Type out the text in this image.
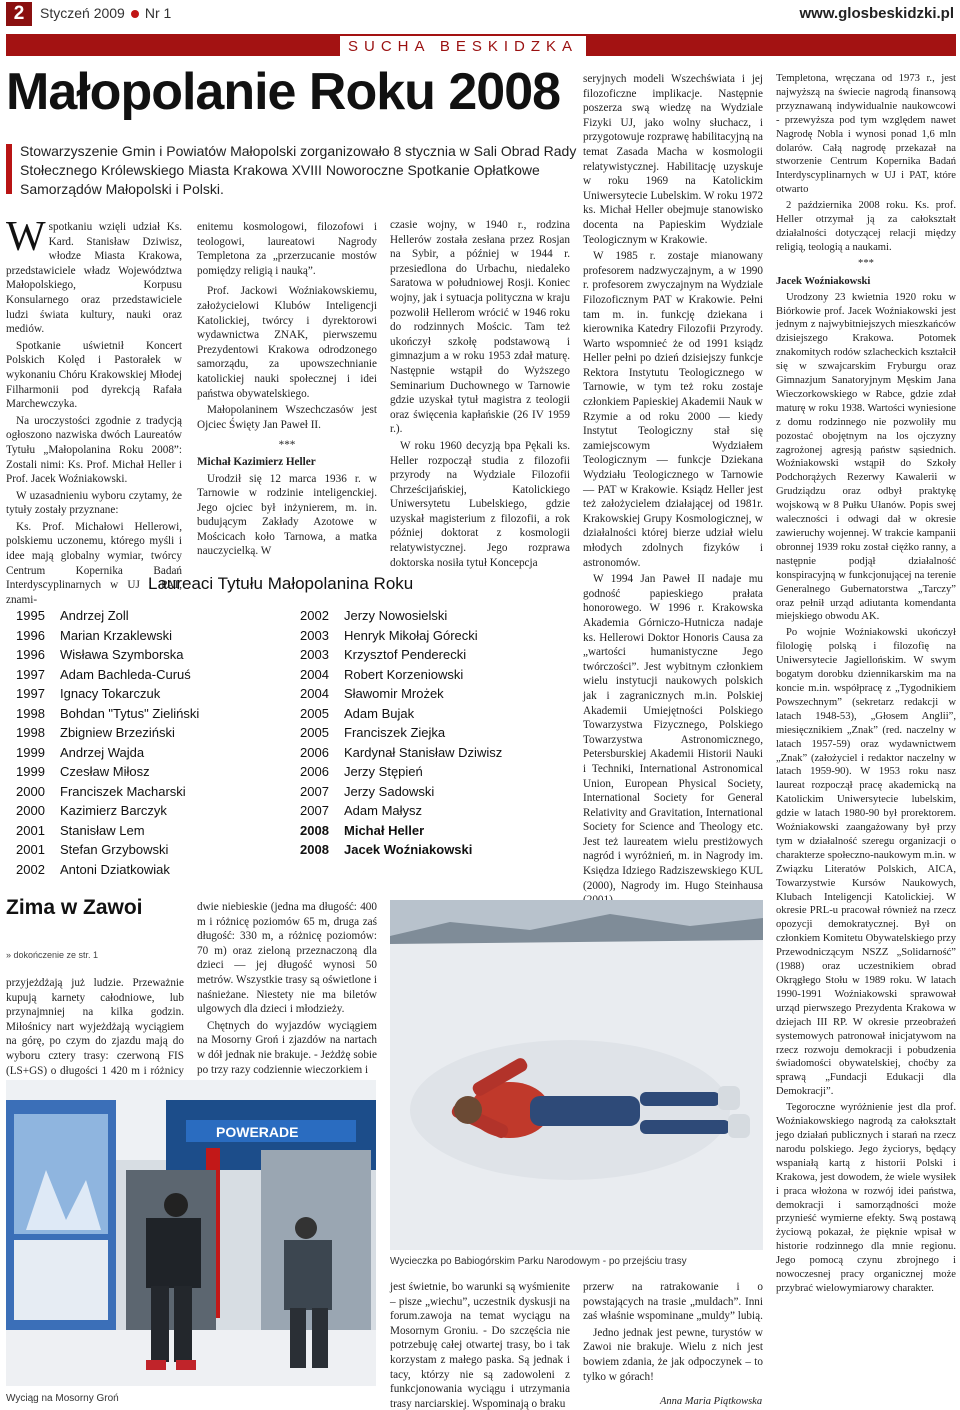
2	Styczeń 2009 Nr 1	www.glosbeskidzki.pl
SUCHA BESKIDZKA
Małopolanie Roku 2008
Stowarzyszenie Gmin i Powiatów Małopolski zorganizowało 8 stycznia w Sali Obrad Rady Stołecznego Królewskiego Miasta Krakowa XVIII Noworoczne Spotkanie Opłatkowe Samorządów Małopolski i Polski.

Wspotkaniu wzięli udział Ks. Kard. Stanisław Dziwisz, włodze Miasta Krakowa, przedstawiciele władz Województwa Małopolskiego, Korpusu Konsularnego oraz przedstawiciele ludzi świata kultury, nauki oraz mediów.

Spotkanie uświetnił Koncert Polskich Kolęd i Pastorałek w wykonaniu Chóru Krakowskiej Młodej Filharmonii pod dyrekcją Rafała Marchewczyka.

Na uroczystości zgodnie z tradycją ogłoszono nazwiska dwóch Laureatów Tytułu „Małopolanina Roku 2008”: Zostali nimi: Ks. Prof. Michał Heller i Prof. Jacek Woźniakowski.

W uzasadnieniu wyboru czytamy, że tytuły zostały przyznane:

Ks. Prof. Michałowi Hellerowi, polskiemu uczonemu, którego myśli i idee mają globalny wymiar, twórcy Centrum Kopernika Badań Interdyscyplinarnych w UJ i PAT, znami-

enitemu kosmologowi, filozofowi i teologowi, laureatowi Nagrody Templetona za „przerzucanie mostów pomiędzy religią i nauką”.

Prof. Jackowi Woźniakowskiemu, założycielowi Klubów Inteligencji Katolickiej, twórcy i dyrektorowi wydawnictwa ZNAK, pierwszemu Prezydentowi Krakowa odrodzonego samorządu, za upowszechnianie katolickiej nauki społecznej i idei państwa obywatelskiego.

Małopolaninem Wszechczasów jest Ojciec Święty Jan Paweł II.

***

Michał Kazimierz Heller

Urodził się 12 marca 1936 r. w Tarnowie w rodzinie inteligenckiej. Jego ojciec był inżynierem, m. in. budującym Zakłady Azotowe w Mościcach koło Tarnowa, a matka nauczycielką. W

czasie wojny, w 1940 r., rodzina Hellerów została zesłana przez Rosjan na Sybir, a później w 1944 r. przesiedlona do Urbachu, niedaleko Saratowa w południowej Rosji. Koniec wojny, jak i sytuacja polityczna w kraju pozwolił Hellerom wrócić w 1946 roku do rodzinnych Mościc. Tam też ukończył szkołę podstawową i gimnazjum a w roku 1953 zdał maturę. Następnie wstąpił do Wyższego Seminarium Duchownego w Tarnowie gdzie uzyskał tytuł magistra z teologii oraz święcenia kapłańskie (26 IV 1959 r.).

W roku 1960 decyzją bpa Pękali ks. Heller rozpoczął studia z filozofii przyrody na Wydziale Filozofii Chrześcijańskiej, Katolickiego Uniwersytetu Lubelskiego, gdzie uzyskał magisterium z filozofii, a rok później doktorat z kosmologii relatywistycznej. Jego rozprawa doktorska nosiła tytuł Koncepcja

seryjnych modeli Wszechświata i jej filozoficzne implikacje. Następnie poszerza swą wiedzę na Wydziale Fizyki UJ, jako wolny słuchacz, i przygotowuje rozprawę habilitacyjną na temat Zasada Macha w kosmologii relatywistycznej. Habilitację uzyskuje w roku 1969 na Katolickim Uniwersytecie Lubelskim. W roku 1972 ks. Michał Heller obejmuje stanowisko docenta na Papieskim Wydziale Teologicznym w Krakowie.

W 1985 r. zostaje mianowany profesorem nadzwyczajnym, a w 1990 r. profesorem zwyczajnym na Wydziale Filozoficznym PAT w Krakowie. Pełni tam m. in. funkcję dziekana i kierownika Katedry Filozofii Przyrody. Warto wspomnieć że od 1991 ksiądz Heller pełni po dzień dzisiejszy funkcje Rektora Instytutu Teologicznego w Tarnowie, w tym też roku zostaje członkiem Papieskiej Akademii Nauk w Rzymie a od roku 2000 — kiedy Instytut Teologiczny stał się zamiejscowym Wydziałem Teologicznym — funkcje Dziekana Wydziału Teologicznego w Tarnowie — PAT w Krakowie. Ksiądz Heller jest też założycielem działającej od 1981r. Krakowskiej Grupy Kosmologicznej, w działalności której bierze udział wielu młodych zdolnych fizyków i astronomów.

W 1994 Jan Paweł II nadaje mu godność papieskiego prałata honorowego. W 1996 r. Krakowska Akademia Górniczo-Hutnicza nadaje ks. Hellerowi Doktor Honoris Causa za „wartości humanistyczne Jego twórczości”. Jest wybitnym członkiem wielu instytucji naukowych polskich jak i zagranicznych m.in. Polskiej Akademii Umiejętności Polskiego Towarzystwa Fizycznego, Polskiego Towarzystwa Astronomicznego, Petersburskiej Akademii Historii Nauki i Techniki, International Astronomical Union, European Physical Society, International Society for General Relativity and Gravitation, International Society for Science and Theology etc. Jest też laureatem wielu prestiżowych nagród i wyróżnień, m. in Nagrody im. Księdza Idziego Radziszewskiego KUL (2000), Nagrody im. Hugo Steinhausa

Templetona, wręczana od 1973 r., jest najwyższą na świecie nagrodą finansową przyznawaną indywidualnie naukowcowi - przewyższa pod tym względem nawet Nagrodę Nobla i wynosi ponad 1,6 mln dolarów. Całą nagrodę przekazał na stworzenie Centrum Kopernika Badań Interdyscyplinarnych w UJ i PAT, które otwarto

2 października 2008 roku. Ks. prof. Heller otrzymał ją za całokształt działalności dotyczącej relacji między religią, teologią a naukami.

***

Jacek Woźniakowski

Urodzony 23 kwietnia 1920 roku w Biórkowie prof. Jacek Woźniakowski jest jednym z najwybitniejszych mieszkańców dzisiejszego Krakowa. Potomek znakomitych rodów szlacheckich kształcił się w szwajcarskim Fryburgu oraz Gimnazjum Sanatoryjnym Męskim Jana Wieczorkowskiego w Rabce, gdzie zdał maturę w roku 1938. Wartości wyniesione z domu rodzinnego nie pozwoliły mu pozostać obojętnym na los ojczyzny zagrożonej agresją państw sąsiednich. Woźniakowski wstąpił do Szkoły Podchorążych Rezerwy Kawalerii w Grudziądzu oraz odbył praktykę wojskową w 8 Pułku Ułanów. Popis swej waleczności i odwagi dał w okresie zawieruchy wojennej. W trakcie kampanii obronnej 1939 roku został ciężko ranny, a następnie podjął działalność konspiracyjną w funkcjonującej na terenie Generalnego Gubernatorstwa „Tarczy” oraz pełnił urząd adiutanta komendanta miejskiego obwodu AK.

Po wojnie Woźniakowski ukończył filologię polską i filozofię na Uniwersytecie Jagiellońskim. W swym bogatym dorobku dziennikarskim ma na koncie m.in. współpracę z „Tygodnikiem Powszechnym” (sekretarz redakcji w latach 1948-53), „Głosem Anglii”, miesięcznikiem „Znak” (red. naczelny w latach 1957-59) oraz wydawnictwem „Znak” (założyciel i redaktor naczelny w latach 1959-90). W 1953 roku nasz laureat rozpoczął pracę akademicką na Katolickim Uniwersytecie lubelskim, gdzie w latach 1980-90 był prorektorem. Woźniakowski zaangażowany był przy tym w działalność szeregu organizacji o charakterze społeczno-naukowym m.in. w Związku Literatów Polskich, AICA, Towarzystwie Kursów Naukowych, Klubach Inteligencji Katolickiej. W okresie PRL-u pracował również na rzecz opozycji demokratycznej. Był on członkiem Komitetu Obywatelskiego przy Przewodniczącym NSZZ „Solidarność” (1988) oraz uczestnikiem obrad Okrągłego Stołu w 1989 roku. W latach 1990-1991 Woźniakowski sprawował urząd pierwszego Prezydenta Krakowa w dziejach III RP. W okresie przeobrażeń systemowych patronował inicjatywom na rzecz rozwoju demokracji i pobudzenia świadomości obywatelskiej, choćby za sprawą „Fundacji Edukacji dla Demokracji”.

Tegoroczne wyróżnienie jest dla prof. Woźniakowskiego nagrodą za całokształt jego działań publicznych i starań na rzecz narodu polskiego. Jego życiorys, będący wspaniałą kartą z historii Polski i Krakowa, jest dowodem, że wiele wysiłek i praca włożona w rozwój idei państwa, demokracji i samorządności może przynieść wymierne efekty. Swą postawą życiową pokazał, że pięknie wpisał w historie rodzinnego dla mnie regionu. Jego pomocą czynu zbrojnego i nowoczesnej pracy organicznej może przybrać wielowymiarowy charakter.

Laureaci Tytułu Małopolanina Roku
1995	Andrzej Zoll
1996	Marian Krzaklewski
1996	Wisława Szymborska
1997	Adam Bachleda-Curuś
1997	Ignacy Tokarczuk
1998	Bohdan "Tytus" Zieliński
1998	Zbigniew Brzeziński
1999	Andrzej Wajda
1999	Czesław Miłosz
2000	Franciszek Macharski
2000	Kazimierz Barczyk
2001	Stanisław Lem
2001	Stefan Grzybowski
2002	Antoni Dziatkowiak
2002	Jerzy Nowosielski
2003	Henryk Mikołaj Górecki
2003	Krzysztof Penderecki
2004	Robert Korzeniowski
2004	Sławomir Mrożek
2005	Adam Bujak
2005	Franciszek Ziejka
2006	Kardynał Stanisław Dziwisz
2006	Jerzy Stępień
2007	Jerzy Sadowski
2007	Adam Małysz
2008	Michał Heller
2008	Jacek Woźniakowski
Zima w Zawoi
» dokończenie ze str. 1

przyjeżdżają już ludzie. Przeważnie kupują karnety całodniowe, lub przynajmniej na kilka godzin. Miłośnicy nart wyjeżdżają wyciągiem na górę, po czym do zjazdu mają do wyboru cztery trasy: czerwoną FIS (LS+GS) o długości 1 420 m i różnicy

dwie niebieskie (jedna ma długość: 400 m i różnicę poziomów 65 m, druga zaś długość: 330 m, a różnicę poziomów: 70 m) oraz zieloną przeznaczoną dla dzieci — jej długość wynosi 50 metrów. Wszystkie trasy są oświetlone i naśnieżane. Niestety nie ma biletów ulgowych dla dzieci i młodzieży.

Chętnych do wyjazdów wyciągiem na Mosorny Groń i zjazdów na nartach w dół jednak nie brakuje. - Jeżdżę sobie po trzy razy codziennie wieczorkiem i

jest świetnie, bo warunki są wyśmienite – pisze „wiechu”, uczestnik dyskusji na forum.zawoja na temat wyciągu na Mosornym Groniu. - Do szczęścia nie potrzebuję całej otwartej trasy, bo i tak korzystam z małego paska. Są jednak i tacy, którzy nie są zadowoleni z funkcjonowania wyciągu i utrzymania trasy narciarskiej. Wspominają o braku

przerw na ratrakowanie i o powstających na trasie „muldach”. Inni zaś właśnie wspominane „muldy” lubią.

Jedno jednak jest pewne, turystów w Zawoi nie brakuje. Wielu z nich jest bowiem zdania, że jak odpoczynek – to tylko w górach!

Anna Maria Piątkowska
POWERADE
Wyciąg na Mosorny Groń
Wycieczka po Babiogórskim Parku Narodowym - po przejściu trasy
